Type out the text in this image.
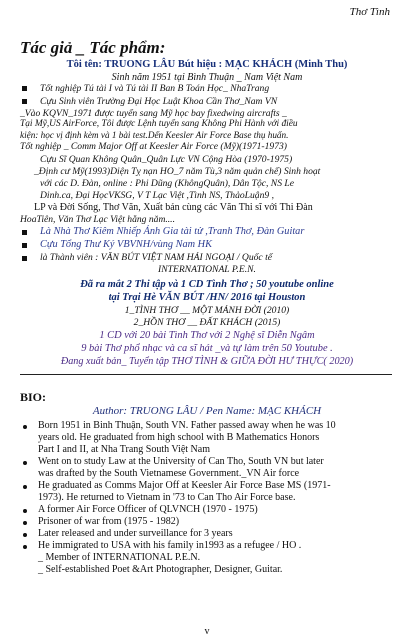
Thơ Tình
Tác giả _ Tác phẩm:
Tôi tên: TRUONG LÂU Bút hiệu : MẠC KHÁCH (Minh Thu)
Sinh năm 1951 tại Bình Thuận _ Nam Việt Nam
Tốt nghiệp Tú tài I và Tú tài II Ban B Toán Học_ NhaTrang
Cựu Sinh viên Trường Đại Học Luật Khoa Cần Thơ_Nam VN
_Vào KQVN_1971 được tuyển sang Mỹ học bay fixedwing aircrafts _
Tại Mỹ,US AirForce, Tôi được Lệnh tuyển sang Không Phi Hành với điều
kiện: học vị định kèm và 1 bài test.Dến Keesler Air Force Base thụ huấn.
Tốt nghiệp _ Comm Major Off at Keesler Air Force (Mỹ)(1971-1973)
Cựu Sĩ Quan Không Quân_Quân Lực VN Cộng Hòa (1970-1975)
_Định cư Mỹ(1993)Diện Tỵ nạn HO_7 năm Tù,3 năm quản chế) Sinh hoạt
với các D. Đàn, online : Phi Dũng (KhôngQuân), Dân Tộc, NS Le
Dinh.ca, Đại HọcVKSG, V T Lạc Việt ,Tình NS, ThảoLuận9 ,
LP và Đời Sống, Thơ Văn, Xuất bản cùng các Văn Thi sĩ với Thi Đàn
HoaTiên, Văn Thơ Lạc Việt hằng năm....
Là Nhà Thơ Kiêm Nhiếp Ảnh Gia tài tử ,Tranh Thơ, Đàn Guitar
Cựu Tổng Thư Ký VBVNH/vùng Nam HK
là Thành viên : VĂN BÚT VIỆT NAM HẢI NGOẠI / Quốc tế
INTERNATIONAL P.E.N.
Đã ra mắt 2 Thi tập và 1 CD Tình Thơ ; 50 youtube online
tại Trại Hè VĂN BÚT /HN/ 2016 tại Houston
1_TÌNH THƠ __ MỘT MẢNH ĐỜI (2010)
2_HỒN THƠ __ ĐẤT KHÁCH (2015)
1 CD với 20 bài Tình Thơ với 2 Nghệ sĩ Diễn Ngâm
9 bài Thơ phổ nhạc và ca sĩ hát _và tự làm trên 50 Youtube .
Đang xuất bản_ Tuyển tập THƠ TÌNH & GIỮA ĐỜI HƯ THỰC( 2020)
BIO:
Author: TRUONG LÂU / Pen Name: MẠC KHÁCH
Born 1951 in Binh Thuận, South VN. Father passed away when he was 10
years old. He graduated from high school with B Mathematics Honors
Part I and II, at Nha Trang South Việt Nam
Went on to study Law at the University of Can Tho, South VN but later
was drafted by the South Vietnamese Government._VN Air force
He graduated as Comms Major Off at Keesler Air Force Base MS (1971-
1973). He returned to Vietnam in '73 to Can Tho Air Force base.
A former Air Force Officer of QLVNCH (1970 - 1975)
Prisoner of war from (1975 - 1982)
Later released and under surveillance for 3 years
He immigrated to USA with his family in1993 as a refugee / HO .
_ Member of INTERNATIONAL P.E.N.
_ Self-established Poet &Art Photographer, Designer, Guitar.
v
